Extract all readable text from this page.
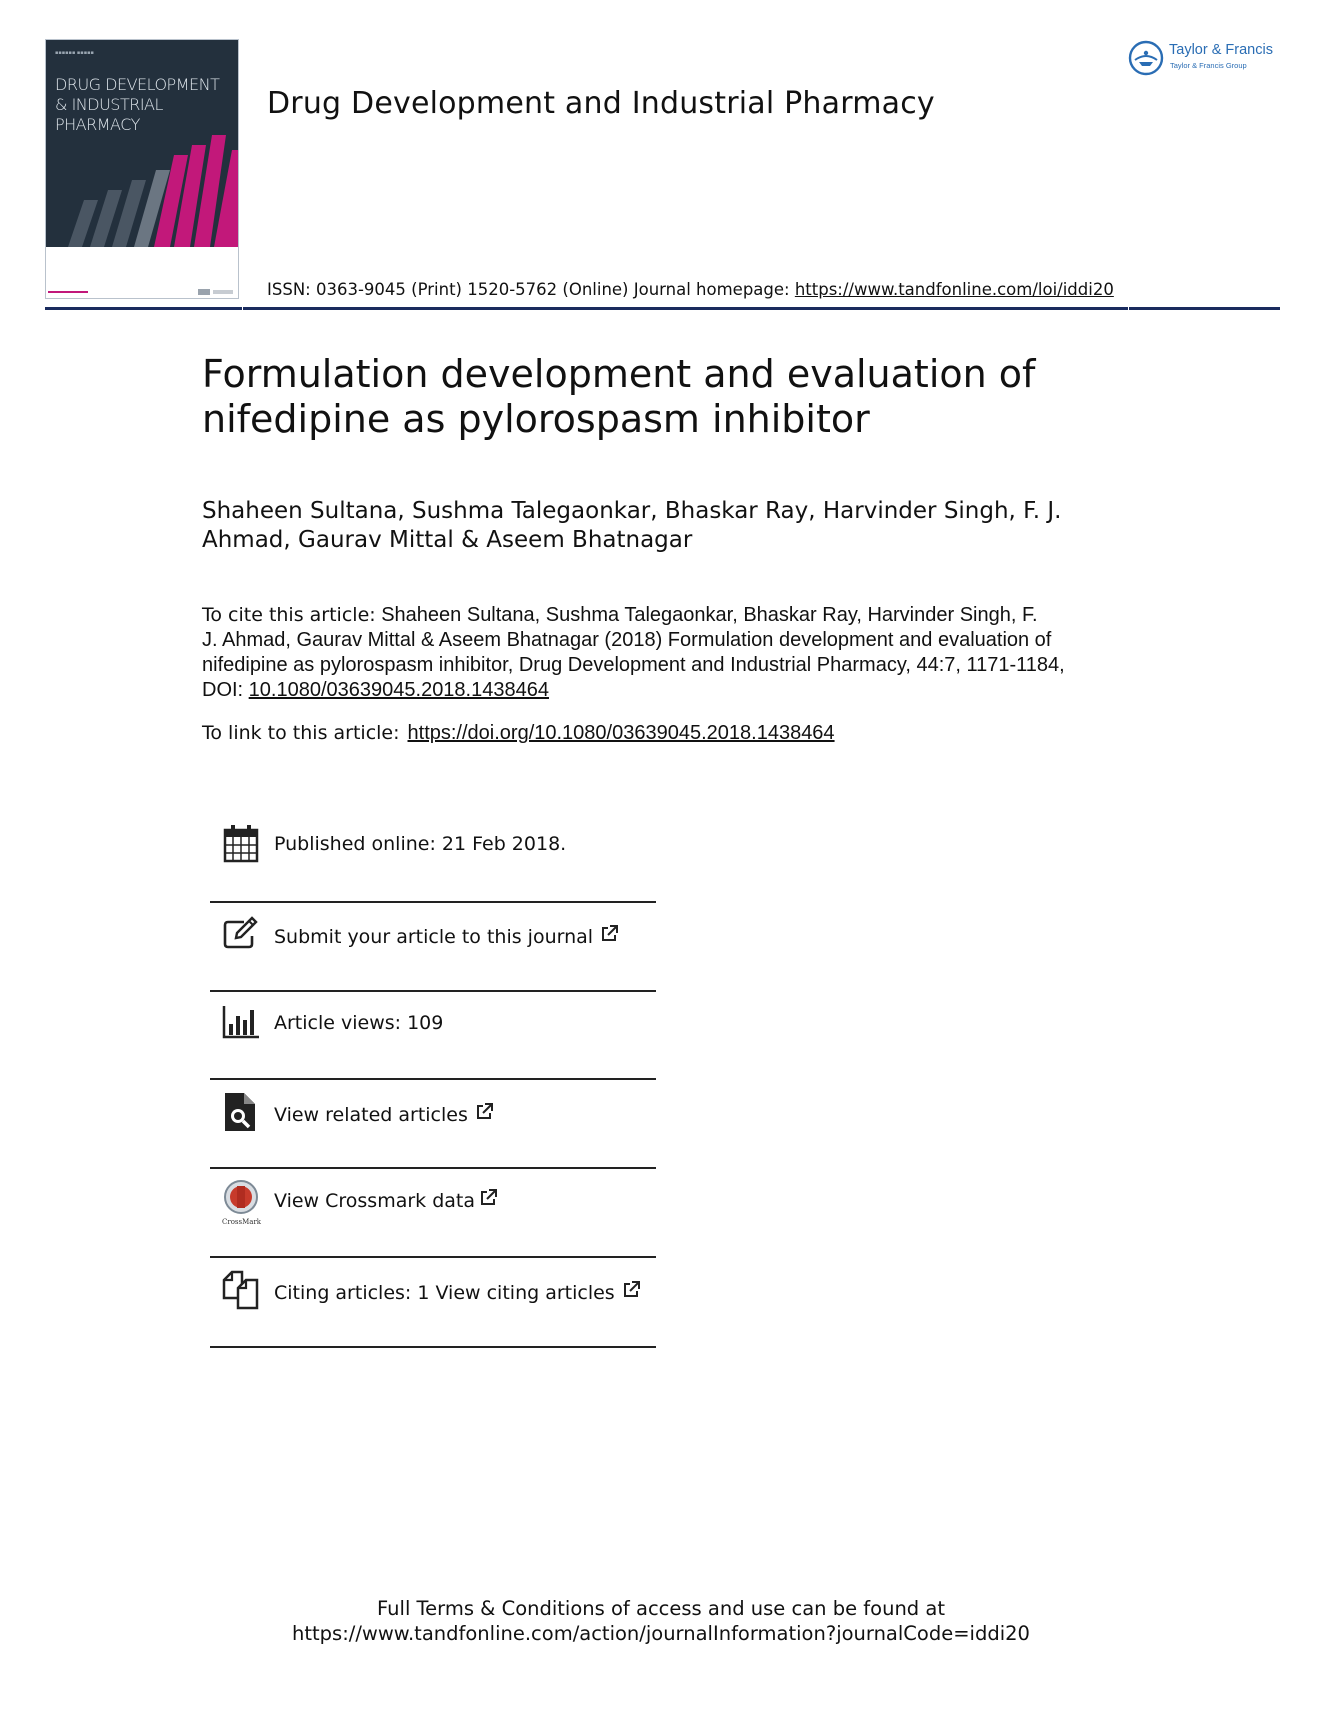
▪▪▪▪▪▪ ▪▪▪▪▪
DRUG DEVELOPMENT & INDUSTRIAL PHARMACY
Taylor & Francis
Taylor & Francis Group
Drug Development and Industrial Pharmacy
ISSN: 0363-9045 (Print) 1520-5762 (Online) Journal homepage: https://www.tandfonline.com/loi/iddi20
Formulation development and evaluation of
nifedipine as pylorospasm inhibitor
Shaheen Sultana, Sushma Talegaonkar, Bhaskar Ray, Harvinder Singh, F. J.
Ahmad, Gaurav Mittal & Aseem Bhatnagar
To cite this article: Shaheen Sultana, Sushma Talegaonkar, Bhaskar Ray, Harvinder Singh, F.
J. Ahmad, Gaurav Mittal & Aseem Bhatnagar (2018) Formulation development and evaluation of
nifedipine as pylorospasm inhibitor, Drug Development and Industrial Pharmacy, 44:7, 1171-1184,
DOI: 10.1080/03639045.2018.1438464
To link to this article: https://doi.org/10.1080/03639045.2018.1438464
Published online: 21 Feb 2018.
Submit your article to this journal
Article views: 109
View related articles
CrossMark
View Crossmark data
Citing articles: 1 View citing articles
Full Terms & Conditions of access and use can be found at
https://www.tandfonline.com/action/journalInformation?journalCode=iddi20
